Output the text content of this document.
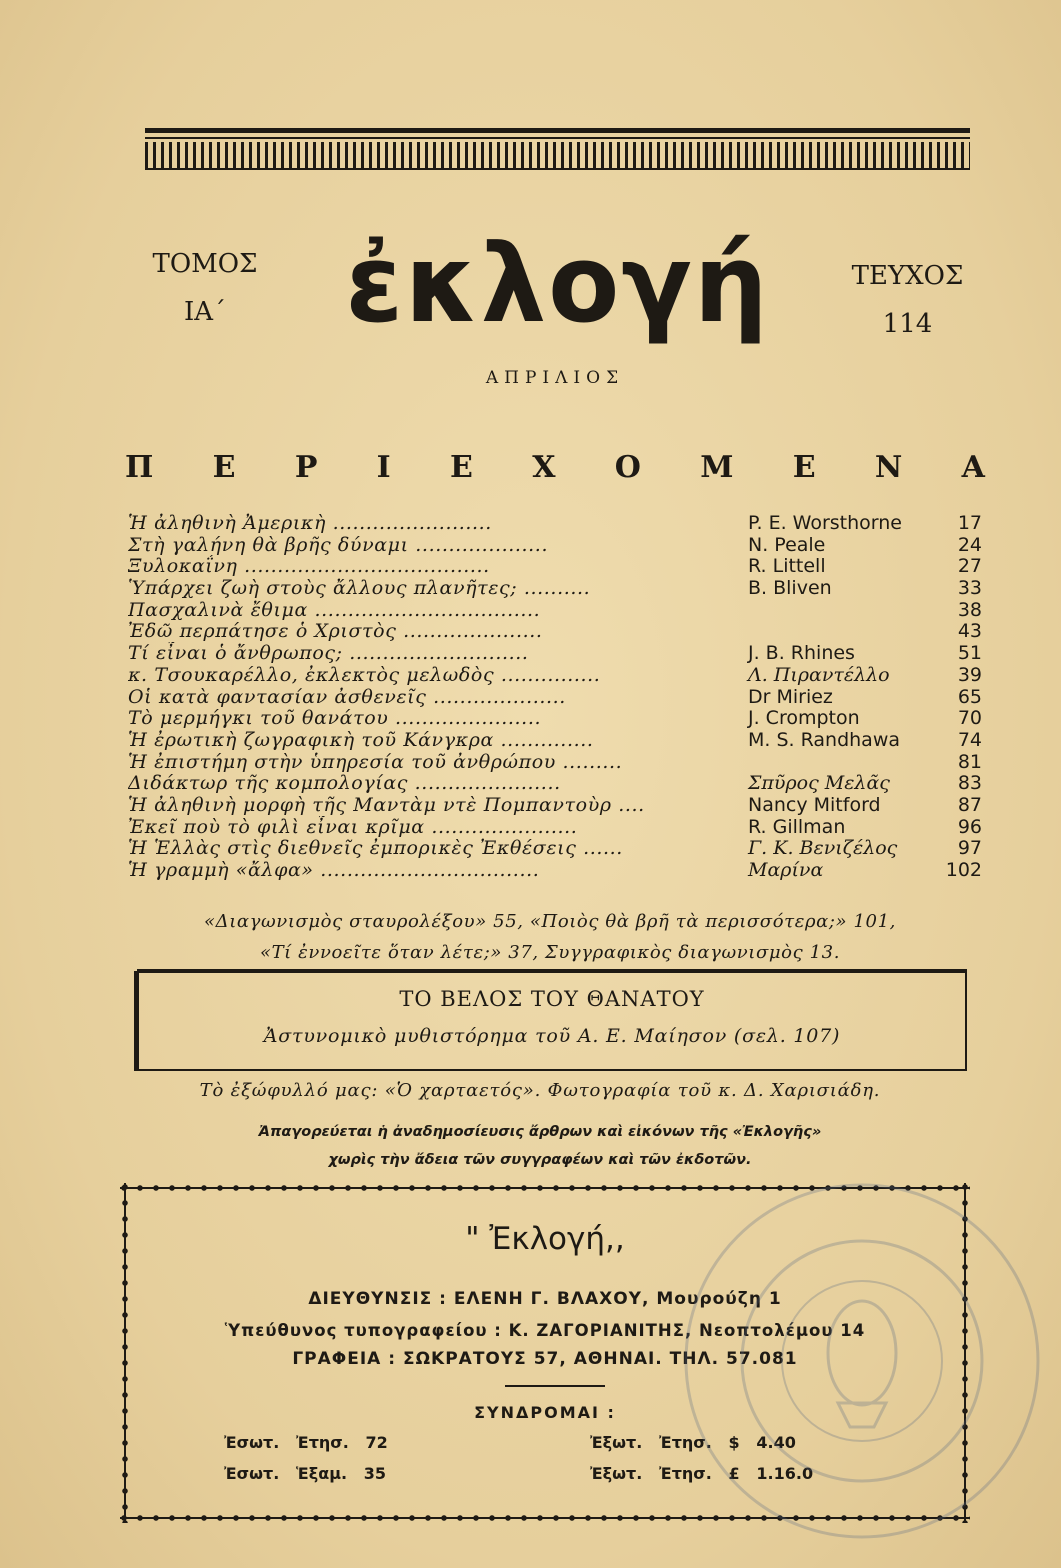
ΤΟΜΟΣ
ΙΑ΄	ἐκλογή	ΤΕΥΧΟΣ
114
ΑΠΡΙΛΙΟΣ
Π Ε Ρ Ι Ε Χ Ο Μ Ε Ν Α
Ἡ ἀληθινὴ Ἀμερικὴ ........................	P. E. Worsthorne	17
Στὴ γαλήνη θὰ βρῆς δύναμι ....................	N. Peale	24
Ξυλοκαΐνη .....................................	R. Littell	27
Ὑπάρχει ζωὴ στοὺς ἄλλους πλανῆτες; ..........	B. Bliven	33
Πασχαλινὰ ἔθιμα ..................................	38
Ἐδῶ περπάτησε ὁ Χριστὸς .....................	43
Τί εἶναι ὁ ἄνθρωπος; ...........................	J. B. Rhines	51
κ. Τσουκαρέλλο, ἐκλεκτὸς μελωδὸς ...............	Λ. Πιραντέλλο	39
Οἱ κατὰ φαντασίαν ἀσθενεῖς ....................	Dr Miriez	65
Τὸ μερμήγκι τοῦ θανάτου ......................	J. Crompton	70
Ἡ ἐρωτικὴ ζωγραφικὴ τοῦ Κάνγκρα ..............	M. S. Randhawa	74
Ἡ ἐπιστήμη στὴν ὑπηρεσία τοῦ ἀνθρώπου .........	81
Διδάκτωρ τῆς κομπολογίας ......................	Σπῦρος Μελᾶς	83
Ἡ ἀληθινὴ μορφὴ τῆς Μαντὰμ ντὲ Πομπαντοὺρ ....	Nancy Mitford	87
Ἐκεῖ ποὺ τὸ φιλὶ εἶναι κρῖμα ......................	R. Gillman	96
Ἡ Ἑλλὰς στὶς διεθνεῖς ἐμπορικὲς Ἐκθέσεις ......	Γ. Κ. Βενιζέλος	97
Ἡ γραμμὴ «ἄλφα» .................................	Μαρίνα	102
«Διαγωνισμὸς σταυρολέξου» 55, «Ποιὸς θὰ βρῆ τὰ περισσότερα;» 101,
«Τί ἐννοεῖτε ὅταν λέτε;» 37, Συγγραφικὸς διαγωνισμὸς 13.
ΤΟ ΒΕΛΟΣ ΤΟΥ ΘΑΝΑΤΟΥ
Ἀστυνομικὸ μυθιστόρημα τοῦ Α. Ε. Μαίησον (σελ. 107)
Τὸ ἐξώφυλλό μας: «Ὁ χαρταετός». Φωτογραφία τοῦ κ. Δ. Χαρισιάδη.
Ἀπαγορεύεται ἡ ἀναδημοσίευσις ἄρθρων καὶ εἰκόνων τῆς «Ἐκλογῆς»
χωρὶς τὴν ἄδεια τῶν συγγραφέων καὶ τῶν ἐκδοτῶν.
" Ἐκλογή,,
ΔΙΕΥΘΥΝΣΙΣ : ΕΛΕΝΗ Γ. ΒΛΑΧΟΥ, Μουρούζη 1
Ὑπεύθυνος τυπογραφείου : Κ. ΖΑΓΟΡΙΑΝΙΤΗΣ, Νεοπτολέμου 14
ΓΡΑΦΕΙΑ : ΣΩΚΡΑΤΟΥΣ 57, ΑΘΗΝΑΙ. ΤΗΛ. 57.081
ΣΥΝΔΡΟΜΑΙ :
Ἐσωτ.   Ἐτησ.   72
Ἐσωτ.   Ἑξαμ.   35
Ἐξωτ.   Ἐτησ.   $   4.40
Ἐξωτ.   Ἐτησ.   £   1.16.0
